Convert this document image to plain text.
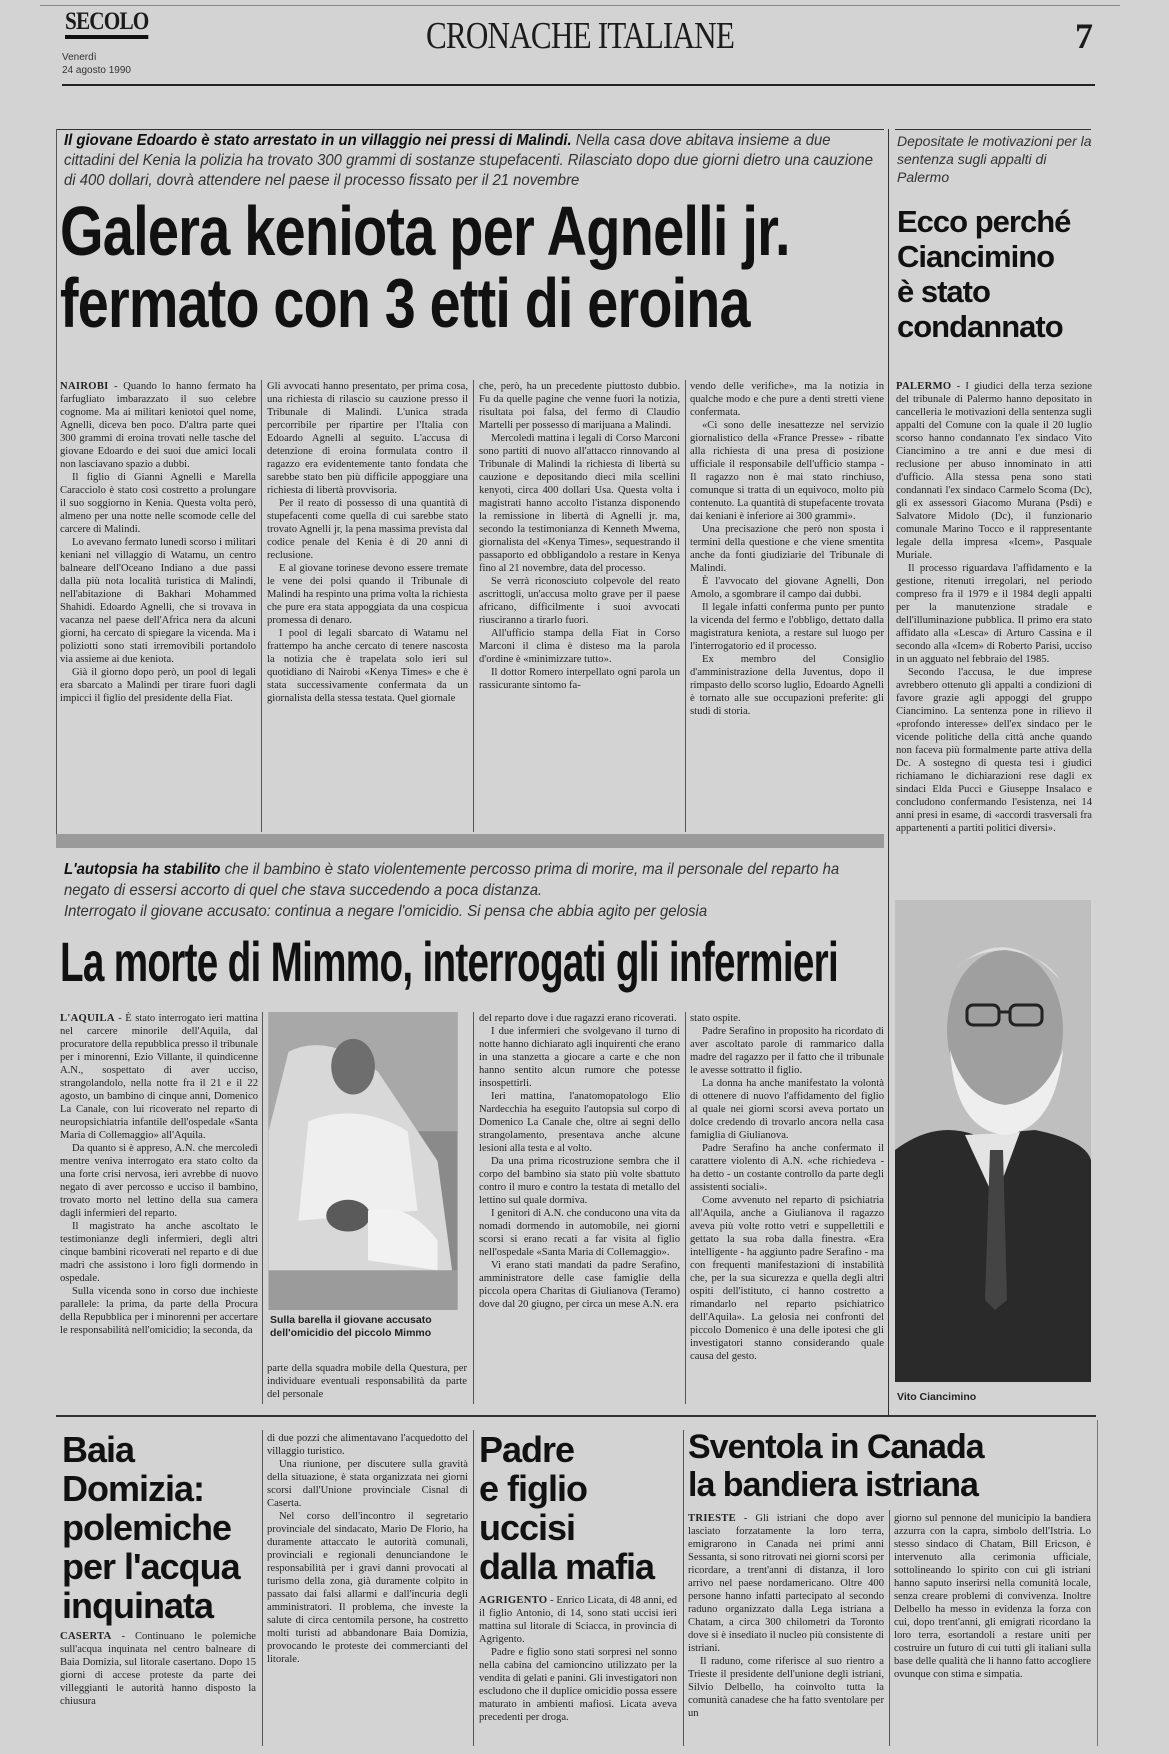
SECOLO
Venerdì
24 agosto 1990
CRONACHE ITALIANE	7
Il giovane Edoardo è stato arrestato in un villaggio nei pressi di Malindi. Nella casa dove abitava insieme a due cittadini del Kenia la polizia ha trovato 300 grammi di sostanze stupefacenti. Rilasciato dopo due giorni dietro una cauzione di 400 dollari, dovrà attendere nel paese il processo fissato per il 21 novembre
Galera keniota per Agnelli jr.
fermato con 3 etti di eroina

NAIROBI - Quando lo hanno fermato ha farfugliato imbarazzato il suo celebre cognome. Ma ai militari keniotoi quel nome, Agnelli, diceva ben poco. D'altra parte quei 300 grammi di eroina trovati nelle tasche del giovane Edoardo e dei suoi due amici locali non lasciavano spazio a dubbi.

Il figlio di Gianni Agnelli e Marella Caracciolo è stato così costretto a prolungare il suo soggiorno in Kenia. Questa volta però, almeno per una notte nelle scomode celle del carcere di Malindi.

Lo avevano fermato lunedì scorso i militari keniani nel villaggio di Watamu, un centro balneare dell'Oceano Indiano a due passi dalla più nota località turistica di Malindi, nell'abitazione di Bakhari Mohammed Shahidi. Edoardo Agnelli, che si trovava in vacanza nel paese dell'Africa nera da alcuni giorni, ha cercato di spiegare la vicenda. Ma i poliziotti sono stati irremovibili portandolo via assieme ai due keniota.

Già il giorno dopo però, un pool di legali era sbarcato a Malindi per tirare fuori dagli impicci il figlio del presidente della Fiat.

Gli avvocati hanno presentato, per prima cosa, una richiesta di rilascio su cauzione presso il Tribunale di Malindi. L'unica strada percorribile per ripartire per l'Italia con Edoardo Agnelli al seguito. L'accusa di detenzione di eroina formulata contro il ragazzo era evidentemente tanto fondata che sarebbe stato ben più difficile appoggiare una richiesta di libertà provvisoria.

Per il reato di possesso di una quantità di stupefacenti come quella di cui sarebbe stato trovato Agnelli jr, la pena massima prevista dal codice penale del Kenia è di 20 anni di reclusione.

E al giovane torinese devono essere tremate le vene dei polsi quando il Tribunale di Malindi ha respinto una prima volta la richiesta che pure era stata appoggiata da una cospicua promessa di denaro.

I pool di legali sbarcato di Watamu nel frattempo ha anche cercato di tenere nascosta la notizia che è trapelata solo ieri sul quotidiano di Nairobi «Kenya Times» e che è stata successivamente confermata da un giornalista della stessa testata. Quel giornale

che, però, ha un precedente piuttosto dubbio. Fu da quelle pagine che venne fuori la notizia, risultata poi falsa, del fermo di Claudio Martelli per possesso di marijuana a Malindi.

Mercoledì mattina i legali di Corso Marconi sono partiti di nuovo all'attacco rinnovando al Tribunale di Malindi la richiesta di libertà su cauzione e depositando dieci mila scellini kenyoti, circa 400 dollari Usa. Questa volta i magistrati hanno accolto l'istanza disponendo la remissione in libertà di Agnelli jr. ma, secondo la testimonianza di Kenneth Mwema, giornalista del «Kenya Times», sequestrando il passaporto ed obbligandolo a restare in Kenya fino al 21 novembre, data del processo.

Se verrà riconosciuto colpevole del reato ascrittogli, un'accusa molto grave per il paese africano, difficilmente i suoi avvocati riusciranno a tirarlo fuori.

All'ufficio stampa della Fiat in Corso Marconi il clima è disteso ma la parola d'ordine è «minimizzare tutto».

Il dottor Romero interpellato ogni parola un rassicurante sintomo fa-

vendo delle verifiche», ma la notizia in qualche modo e che pure a denti stretti viene confermata.

«Ci sono delle inesattezze nel servizio giornalistico della «France Presse» - ribatte alla richiesta di una presa di posizione ufficiale il responsabile dell'ufficio stampa - Il ragazzo non è mai stato rinchiuso, comunque si tratta di un equivoco, molto più contenuto. La quantità di stupefacente trovata dai keniani è inferiore ai 300 grammi».

Una precisazione che però non sposta i termini della questione e che viene smentita anche da fonti giudiziarie del Tribunale di Malindi.

È l'avvocato del giovane Agnelli, Don Amolo, a sgombrare il campo dai dubbi.

Il legale infatti conferma punto per punto la vicenda del fermo e l'obbligo, dettato dalla magistratura keniota, a restare sul luogo per l'interrogatorio ed il processo.

Ex membro del Consiglio d'amministrazione della Juventus, dopo il rimpasto dello scorso luglio, Edoardo Agnelli è tornato alle sue occupazioni preferite: gli studi di storia.

Depositate le motivazioni per la sentenza sugli appalti di Palermo
Ecco perché
Ciancimino
è stato
condannato

PALERMO - I giudici della terza sezione del tribunale di Palermo hanno depositato in cancelleria le motivazioni della sentenza sugli appalti del Comune con la quale il 20 luglio scorso hanno condannato l'ex sindaco Vito Ciancimino a tre anni e due mesi di reclusione per abuso innominato in atti d'ufficio. Alla stessa pena sono stati condannati l'ex sindaco Carmelo Scoma (Dc), gli ex assessori Giacomo Murana (Psdi) e Salvatore Midolo (Dc), il funzionario comunale Marino Tocco e il rappresentante legale della impresa «Icem», Pasquale Muriale.

Il processo riguardava l'affidamento e la gestione, ritenuti irregolari, nel periodo compreso fra il 1979 e il 1984 degli appalti per la manutenzione stradale e dell'illuminazione pubblica. Il primo era stato affidato alla «Lesca» di Arturo Cassina e il secondo alla «Icem» di Roberto Parisi, ucciso in un agguato nel febbraio del 1985.

Secondo l'accusa, le due imprese avrebbero ottenuto gli appalti a condizioni di favore grazie agli appoggi del gruppo Ciancimino. La sentenza pone in rilievo il «profondo interesse» dell'ex sindaco per le vicende politiche della città anche quando non faceva più formalmente parte attiva della Dc. A sostegno di questa tesi i giudici richiamano le dichiarazioni rese dagli ex sindaci Elda Pucci e Giuseppe Insalaco e concludono confermando l'esistenza, nei 14 anni presi in esame, di «accordi trasversali fra appartenenti a partiti politici diversi».

Vito Ciancimino
L'autopsia ha stabilito che il bambino è stato violentemente percosso prima di morire, ma il personale del reparto ha negato di essersi accorto di quel che stava succedendo a poca distanza.
Interrogato il giovane accusato: continua a negare l'omicidio. Si pensa che abbia agito per gelosia
La morte di Mimmo, interrogati gli infermieri

L'AQUILA - È stato interrogato ieri mattina nel carcere minorile dell'Aquila, dal procuratore della repubblica presso il tribunale per i minorenni, Ezio Villante, il quindicenne A.N., sospettato di aver ucciso, strangolandolo, nella notte fra il 21 e il 22 agosto, un bambino di cinque anni, Domenico La Canale, con lui ricoverato nel reparto di neuropsichiatria infantile dell'ospedale «Santa Maria di Collemaggio» all'Aquila.

Da quanto si è appreso, A.N. che mercoledì mentre veniva interrogato era stato colto da una forte crisi nervosa, ieri avrebbe di nuovo negato di aver percosso e ucciso il bambino, trovato morto nel lettino della sua camera dagli infermieri del reparto.

Il magistrato ha anche ascoltato le testimonianze degli infermieri, degli altri cinque bambini ricoverati nel reparto e di due madri che assistono i loro figli dormendo in ospedale.

Sulla vicenda sono in corso due inchieste parallele: la prima, da parte della Procura della Repubblica per i minorenni per accertare le responsabilità nell'omicidio; la seconda, da

Sulla barella il giovane accusato dell'omicidio del piccolo Mimmo

parte della squadra mobile della Questura, per individuare eventuali responsabilità da parte del personale

del reparto dove i due ragazzi erano ricoverati.

I due infermieri che svolgevano il turno di notte hanno dichiarato agli inquirenti che erano in una stanzetta a giocare a carte e che non hanno sentito alcun rumore che potesse insospettirli.

Ieri mattina, l'anatomopatologo Elio Nardecchia ha eseguito l'autopsia sul corpo di Domenico La Canale che, oltre ai segni dello strangolamento, presentava anche alcune lesioni alla testa e al volto.

Da una prima ricostruzione sembra che il corpo del bambino sia stato più volte sbattuto contro il muro e contro la testata di metallo del lettino sul quale dormiva.

I genitori di A.N. che conducono una vita da nomadi dormendo in automobile, nei giorni scorsi si erano recati a far visita al figlio nell'ospedale «Santa Maria di Collemaggio».

Vi erano stati mandati da padre Serafino, amministratore delle case famiglie della piccola opera Charitas di Giulianova (Teramo) dove dal 20 giugno, per circa un mese A.N. era

stato ospite.

Padre Serafino in proposito ha ricordato di aver ascoltato parole di rammarico dalla madre del ragazzo per il fatto che il tribunale le avesse sottratto il figlio.

La donna ha anche manifestato la volontà di ottenere di nuovo l'affidamento del figlio al quale nei giorni scorsi aveva portato un dolce credendo di trovarlo ancora nella casa famiglia di Giulianova.

Padre Serafino ha anche confermato il carattere violento di A.N. «che richiedeva - ha detto - un costante controllo da parte degli assistenti sociali».

Come avvenuto nel reparto di psichiatria all'Aquila, anche a Giulianova il ragazzo aveva più volte rotto vetri e suppellettili e gettato la sua roba dalla finestra. «Era intelligente - ha aggiunto padre Serafino - ma con frequenti manifestazioni di instabilità che, per la sua sicurezza e quella degli altri ospiti dell'istituto, ci hanno costretto a rimandarlo nel reparto psichiatrico dell'Aquila». La gelosia nei confronti del piccolo Domenico è una delle ipotesi che gli investigatori stanno considerando quale causa del gesto.

Baia
Domizia:
polemiche
per l'acqua
inquinata

CASERTA - Continuano le polemiche sull'acqua inquinata nel centro balneare di Baia Domizia, sul litorale casertano. Dopo 15 giorni di accese proteste da parte dei villeggianti le autorità hanno disposto la chiusura

di due pozzi che alimentavano l'acquedotto del villaggio turistico.

Una riunione, per discutere sulla gravità della situazione, è stata organizzata nei giorni scorsi dall'Unione provinciale Cisnal di Caserta.

Nel corso dell'incontro il segretario provinciale del sindacato, Mario De Florio, ha duramente attaccato le autorità comunali, provinciali e regionali denunciandone le responsabilità per i gravi danni provocati al turismo della zona, già duramente colpito in passato dai falsi allarmi e dall'incuria degli amministratori. Il problema, che investe la salute di circa centomila persone, ha costretto molti turisti ad abbandonare Baia Domizia, provocando le proteste dei commercianti del litorale.

Padre
e figlio
uccisi
dalla mafia

AGRIGENTO - Enrico Licata, di 48 anni, ed il figlio Antonio, di 14, sono stati uccisi ieri mattina sul litorale di Sciacca, in provincia di Agrigento.

Padre e figlio sono stati sorpresi nel sonno nella cabina del camioncino utilizzato per la vendita di gelati e panini. Gli investigatori non escludono che il duplice omicidio possa essere maturato in ambienti mafiosi. Licata aveva precedenti per droga.

Sventola in Canada
la bandiera istriana

TRIESTE - Gli istriani che dopo aver lasciato forzatamente la loro terra, emigrarono in Canada nei primi anni Sessanta, si sono ritrovati nei giorni scorsi per ricordare, a trent'anni di distanza, il loro arrivo nel paese nordamericano. Oltre 400 persone hanno infatti partecipato al secondo raduno organizzato dalla Lega istriana a Chatam, a circa 300 chilometri da Toronto dove si è insediato il nucleo più consistente di istriani.

Il raduno, come riferisce al suo rientro a Trieste il presidente dell'unione degli istriani, Silvio Delbello, ha coinvolto tutta la comunità canadese che ha fatto sventolare per un

giorno sul pennone del municipio la bandiera azzurra con la capra, simbolo dell'Istria. Lo stesso sindaco di Chatam, Bill Ericson, è intervenuto alla cerimonia ufficiale, sottolineando lo spirito con cui gli istriani hanno saputo inserirsi nella comunità locale, senza creare problemi di convivenza. Inoltre Delbello ha messo in evidenza la forza con cui, dopo trent'anni, gli emigrati ricordano la loro terra, esortandoli a restare uniti per costruire un futuro di cui tutti gli italiani sulla base delle qualità che li hanno fatto accogliere ovunque con stima e simpatia.
